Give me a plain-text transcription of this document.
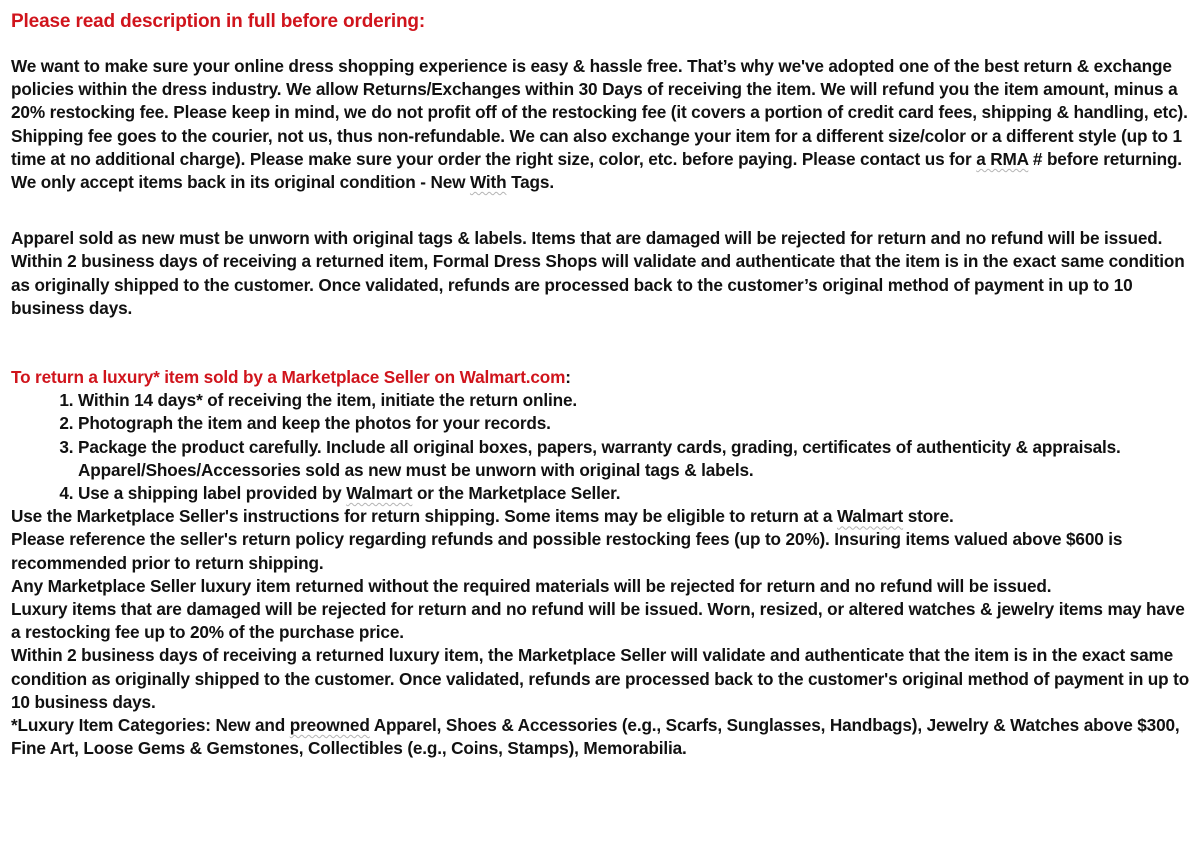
Please read description in full before ordering:

We want to make sure your online dress shopping experience is easy & hassle free. That’s why we've adopted one of the best return & exchange policies within the dress industry. We allow Returns/Exchanges within 30 Days of receiving the item. We will refund you the item amount, minus a 20% restocking fee. Please keep in mind, we do not profit off of the restocking fee (it covers a portion of credit card fees, shipping & handling, etc). Shipping fee goes to the courier, not us, thus non-refundable. We can also exchange your item for a different size/color or a different style (up to 1 time at no additional charge). Please make sure your order the right size, color, etc. before paying. Please contact us for a RMA # before returning. We only accept items back in its original condition - New With Tags.

Apparel sold as new must be unworn with original tags & labels. Items that are damaged will be rejected for return and no refund will be issued. Within 2 business days of receiving a returned item, Formal Dress Shops will validate and authenticate that the item is in the exact same condition as originally shipped to the customer. Once validated, refunds are processed back to the customer’s original method of payment in up to 10 business days.

To return a luxury* item sold by a Marketplace Seller on Walmart.com:

1. Within 14 days* of receiving the item, initiate the return online.
2. Photograph the item and keep the photos for your records.
3. Package the product carefully. Include all original boxes, papers, warranty cards, grading, certificates of authenticity & appraisals. Apparel/Shoes/Accessories sold as new must be unworn with original tags & labels.
4. Use a shipping label provided by Walmart or the Marketplace Seller.

Use the Marketplace Seller's instructions for return shipping. Some items may be eligible to return at a Walmart store.

Please reference the seller's return policy regarding refunds and possible restocking fees (up to 20%). Insuring items valued above $600 is recommended prior to return shipping.

Any Marketplace Seller luxury item returned without the required materials will be rejected for return and no refund will be issued.

Luxury items that are damaged will be rejected for return and no refund will be issued. Worn, resized, or altered watches & jewelry items may have a restocking fee up to 20% of the purchase price.

Within 2 business days of receiving a returned luxury item, the Marketplace Seller will validate and authenticate that the item is in the exact same condition as originally shipped to the customer. Once validated, refunds are processed back to the customer's original method of payment in up to 10 business days.

*Luxury Item Categories: New and preowned Apparel, Shoes & Accessories (e.g., Scarfs, Sunglasses, Handbags), Jewelry & Watches above $300, Fine Art, Loose Gems & Gemstones, Collectibles (e.g., Coins, Stamps), Memorabilia.
